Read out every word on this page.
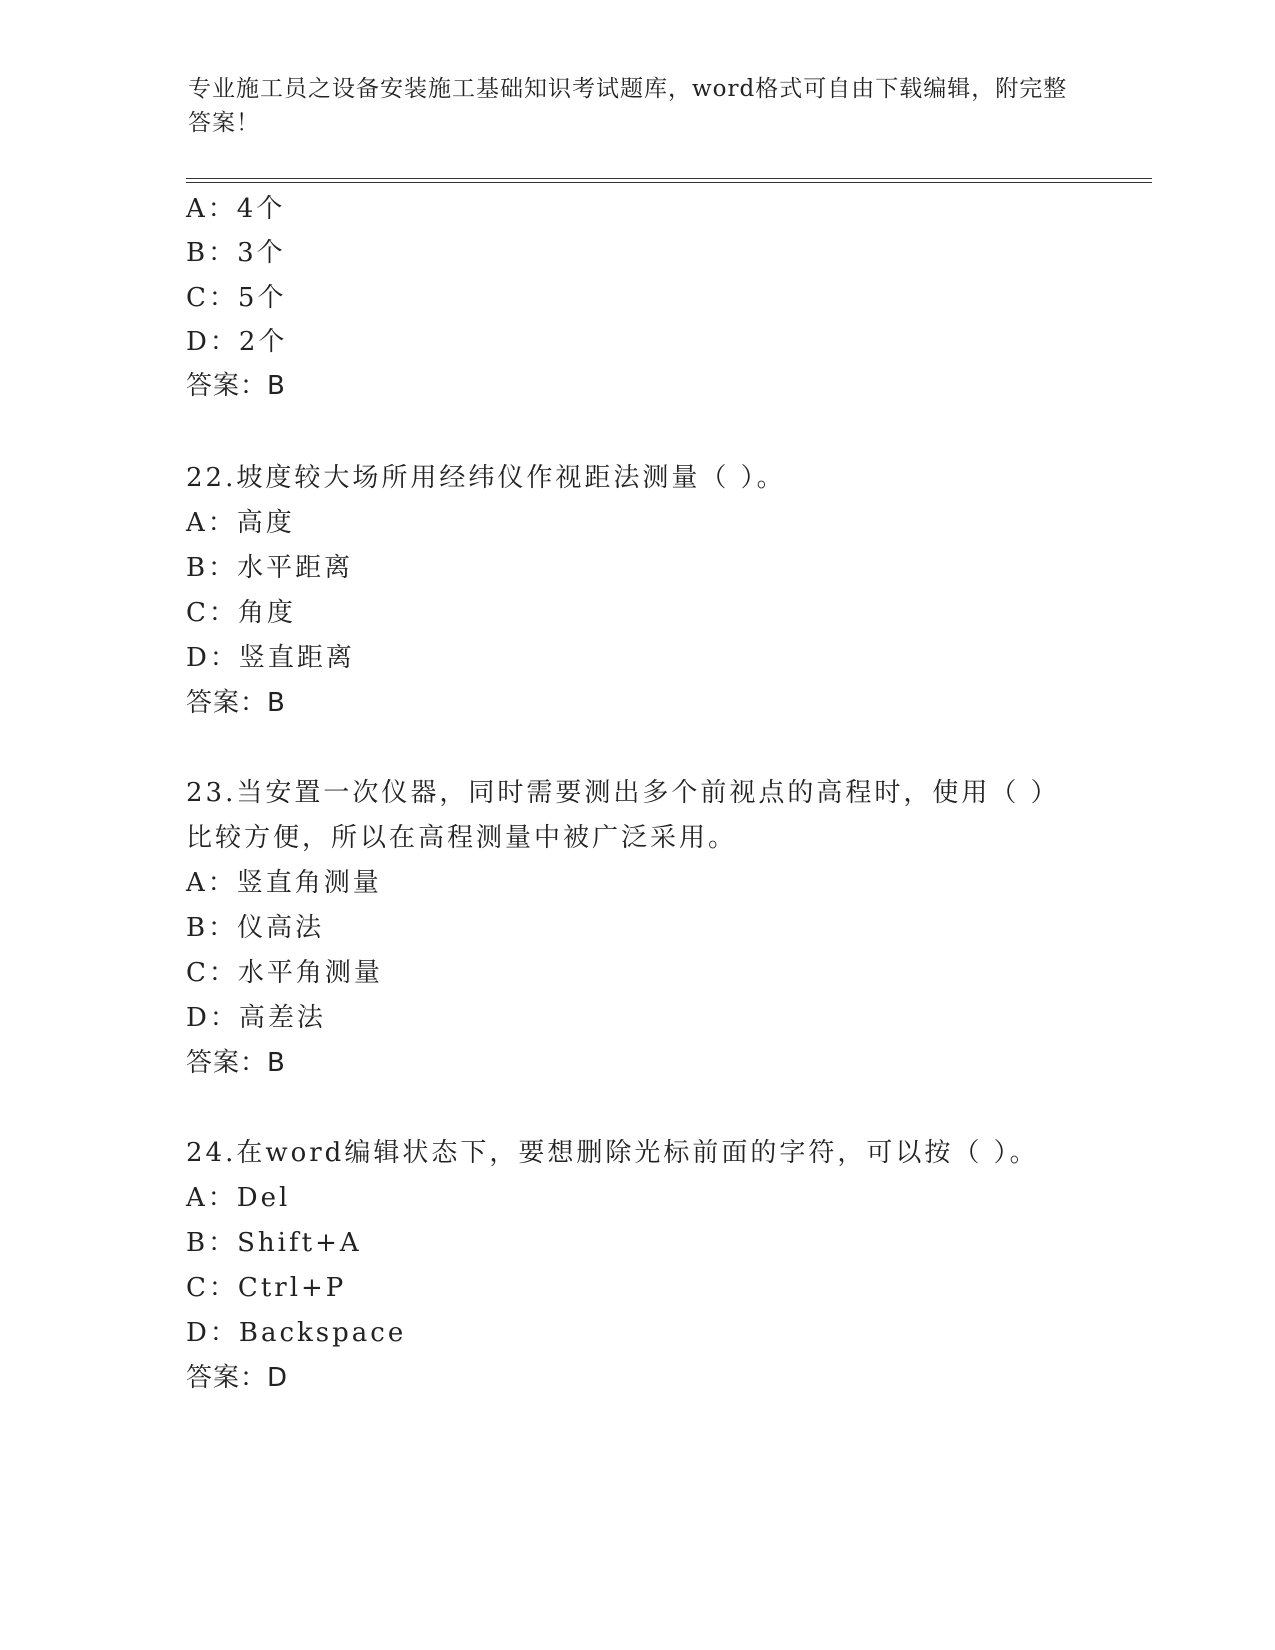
专业施工员之设备安装施工基础知识考试题库，word格式可自由下载编辑，附完整答案！
A：4个
B：3个
C：5个
D：2个
答案：B
22.坡度较大场所用经纬仪作视距法测量（ ）。
A：高度
B：水平距离
C：角度
D：竖直距离
答案：B
23.当安置一次仪器，同时需要测出多个前视点的高程时，使用（ ）
比较方便，所以在高程测量中被广泛采用。
A：竖直角测量
B：仪高法
C：水平角测量
D：高差法
答案：B
24.在word编辑状态下，要想删除光标前面的字符，可以按（ ）。
A：Del
B：Shift+A
C：Ctrl+P
D：Backspace
答案：D
